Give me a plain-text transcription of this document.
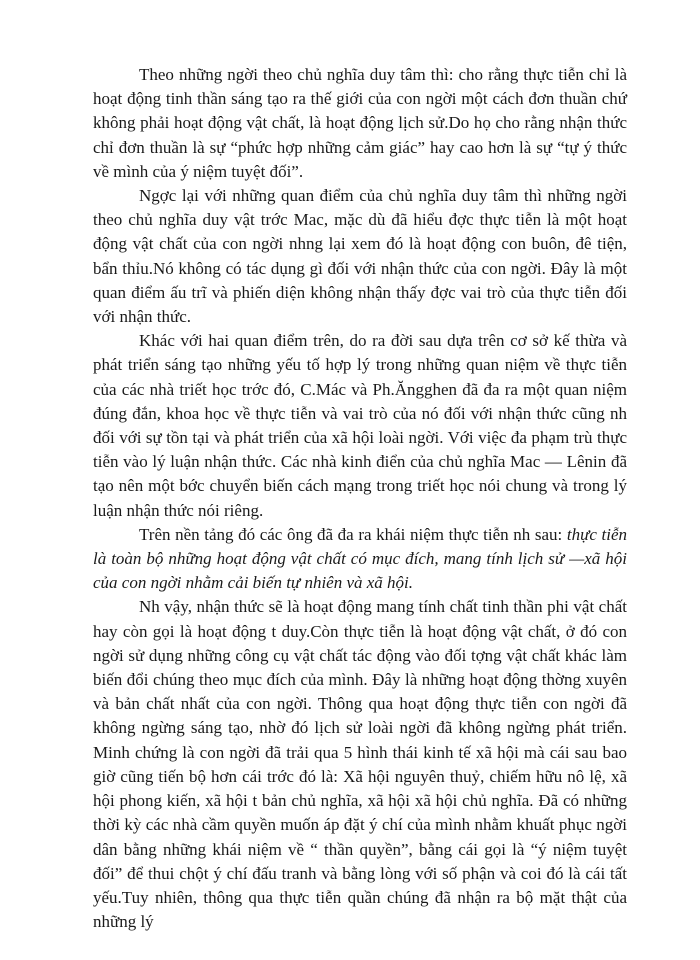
Theo những ngời theo chủ nghĩa duy tâm thì: cho rằng thực tiễn chỉ là hoạt động tinh thần sáng tạo ra thế giới của con ngời một cách đơn thuần chứ không phải hoạt động vật chất, là hoạt động lịch sử.Do họ cho rằng nhận thức chỉ đơn thuần là sự “phức hợp những cảm giác” hay cao hơn là sự “tự ý thức về mình của ý niệm tuyệt đối”.

Ngợc lại với những quan điểm của chủ nghĩa duy tâm thì những ngời theo chủ nghĩa duy vật trớc Mac, mặc dù đã hiểu đợc thực tiễn là một hoạt động vật chất của con ngời nhng lại xem đó là hoạt động con buôn, đê tiện, bẩn thỉu.Nó không có tác dụng gì đối với nhận thức của con ngời. Đây là một quan điểm ấu trĩ và phiến diện không nhận thấy đợc vai trò của thực tiễn đối với nhận thức.

Khác với hai quan điểm trên, do ra đời sau dựa trên cơ sở kế thừa và phát triển sáng tạo những yếu tố hợp lý trong những quan niệm về thực tiễn của các nhà triết học trớc đó, C.Mác và Ph.Ăngghen đã đa ra một quan niệm đúng đắn, khoa học về thực tiễn và vai trò của nó đối với nhận thức cũng nh đối với sự tồn tại và phát triển của xã hội loài ngời. Với việc đa phạm trù thực tiễn vào lý luận nhận thức. Các nhà kinh điển của chủ nghĩa Mac — Lênin đã tạo nên một bớc chuyển biến cách mạng trong triết học nói chung và trong lý luận nhận thức nói riêng.

Trên nền tảng đó các ông đã đa ra khái niệm thực tiễn nh sau: thực tiễn là toàn bộ những hoạt động vật chất có mục đích, mang tính lịch sử —xã hội của con ngời nhằm cải biến tự nhiên và xã hội.

Nh vậy, nhận thức sẽ là hoạt động mang tính chất tinh thần phi vật chất hay còn gọi là hoạt động t duy.Còn thực tiễn là hoạt động vật chất, ở đó con ngời sử dụng những công cụ vật chất tác động vào đối tợng vật chất khác làm biến đổi chúng theo mục đích của mình. Đây là những hoạt động thờng xuyên và bản chất nhất của con ngời. Thông qua hoạt động thực tiễn con ngời đã không ngừng sáng tạo, nhờ đó lịch sử loài ngời đã không ngừng phát triển. Minh chứng là con ngời đã trải qua 5 hình thái kinh tế xã hội mà cái sau bao giờ cũng tiến bộ hơn cái trớc đó là: Xã hội nguyên thuỷ, chiếm hữu nô lệ, xã hội phong kiến, xã hội t bản chủ nghĩa, xã hội xã hội chủ nghĩa. Đã có những thời kỳ các nhà cầm quyền muốn áp đặt ý chí của mình nhằm khuất phục ngời dân bằng những khái niệm về “ thần quyền”, bằng cái gọi là “ý niệm tuyệt đối” để thui chột ý chí đấu tranh và bằng lòng với số phận và coi đó là cái tất yếu.Tuy nhiên, thông qua thực tiễn quần chúng đã nhận ra bộ mặt thật của những lý
